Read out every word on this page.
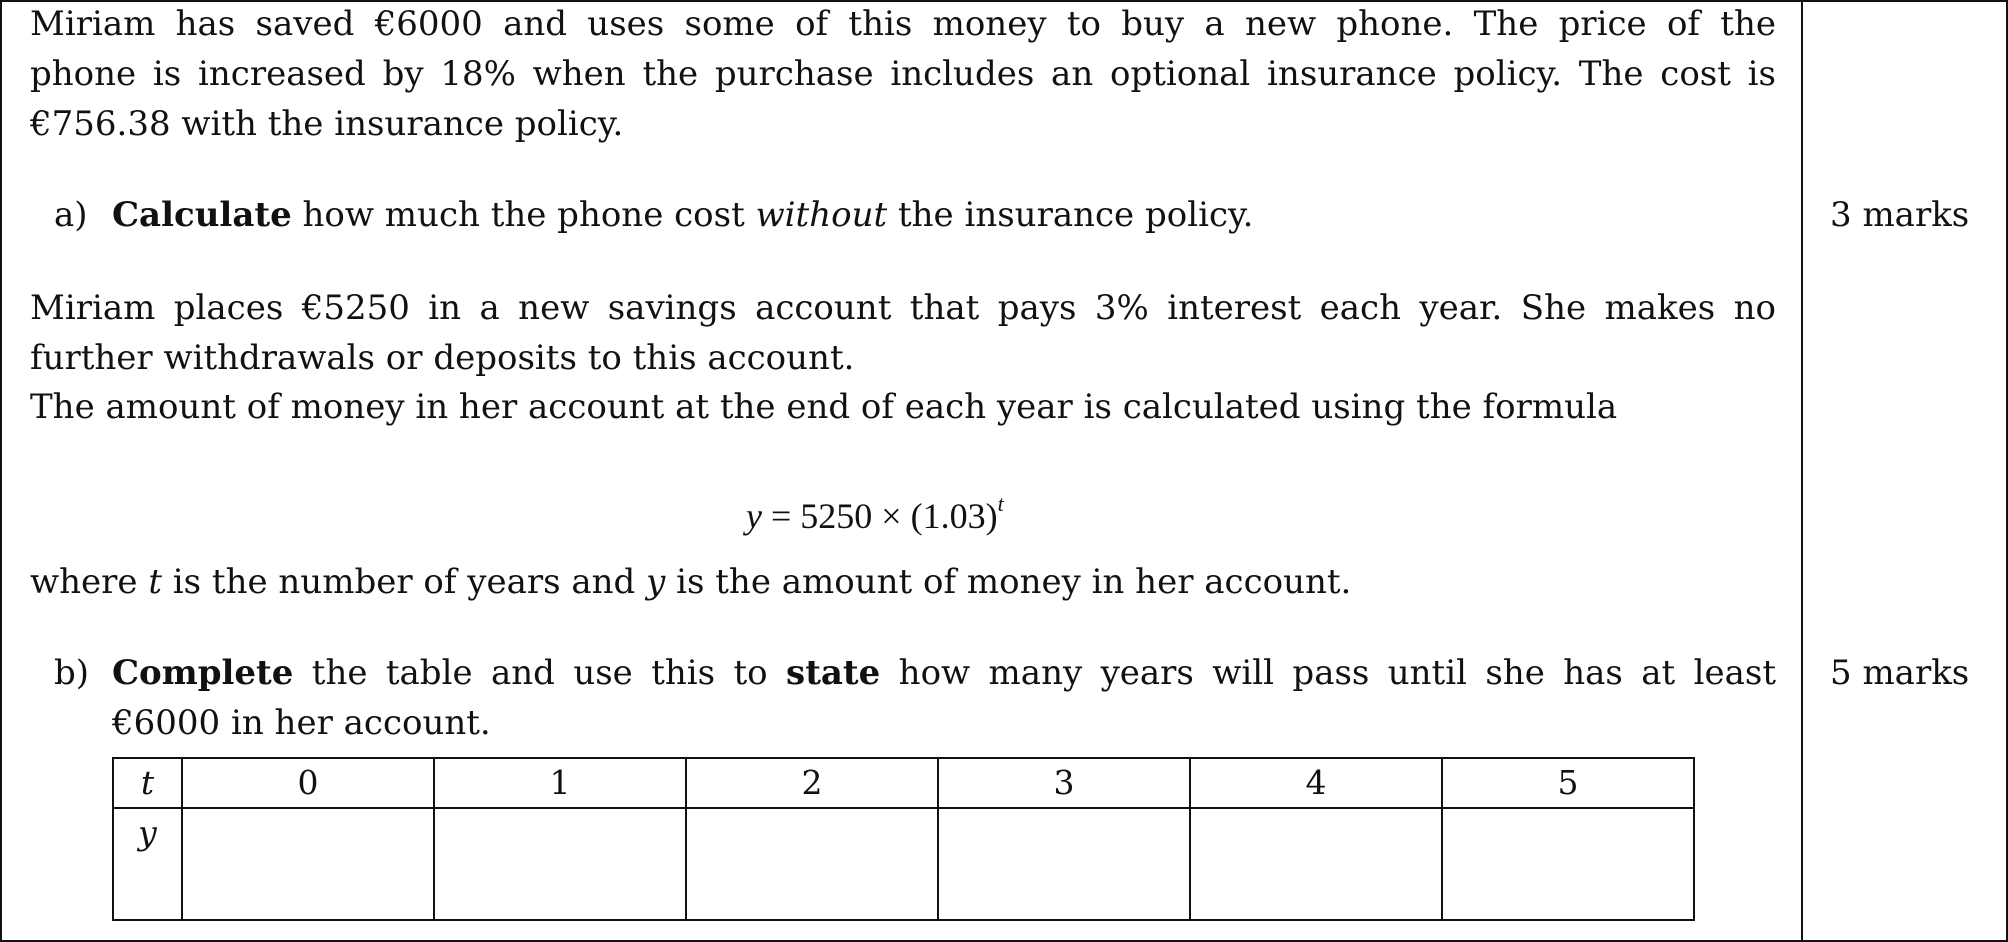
Miriam has saved €6000 and uses some of this money to buy a new phone. The price of the
phone is increased by 18% when the purchase includes an optional insurance policy. The cost is
€756.38 with the insurance policy.
a) Calculate how much the phone cost without the insurance policy.	3 marks
Miriam places €5250 in a new savings account that pays 3% interest each year. She makes no
further withdrawals or deposits to this account.
The amount of money in her account at the end of each year is calculated using the formula
$y = 5250 \times (1.03)^t$
where t is the number of years and y is the amount of money in her account.
b) Complete the table and use this to state how many years will pass until she has at least
€6000 in her account.
5 marks
t	0	1	2	3	4	5
y						
